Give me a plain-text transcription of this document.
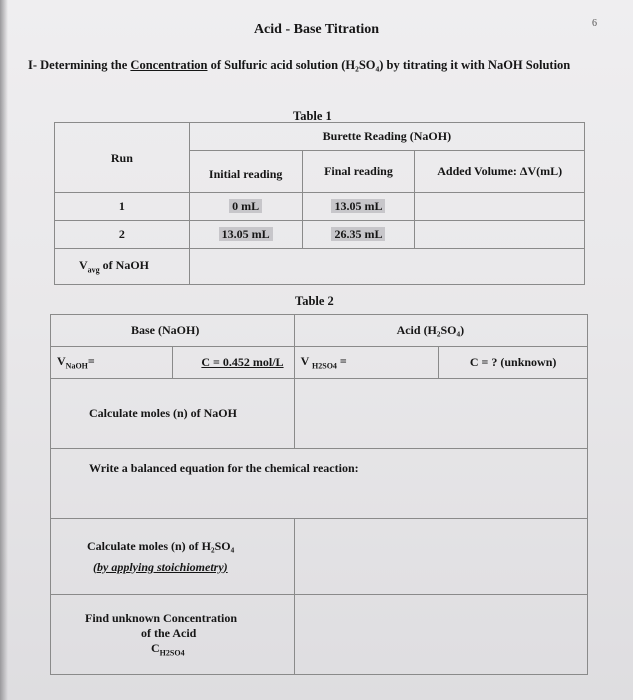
Acid - Base Titration	6
I- Determining the Concentration of Sulfuric acid solution (H₂SO₄) by titrating it with NaOH Solution
Table 1
Run	Burette Reading (NaOH)		
	Initial reading	Final reading	Added Volume: ΔV(mL)
1	0 mL	13.05 mL	
2	13.05 mL	26.35 mL	
$V_{avg}$ of NaOH			
Table 2
Base (NaOH)		Acid (H₂SO₄)	
$V_{NaOH}=$	C = 0.452 mol/L	V $_{H2SO4}$ =	C = ? (unknown)
Calculate moles (n) of NaOH			
Write a balanced equation for the chemical reaction:			

Calculate moles (n) of H₂SO₄
(by applying stoichiometry)			

Find unknown Concentration
of the Acid
$C_{H2SO4}$
